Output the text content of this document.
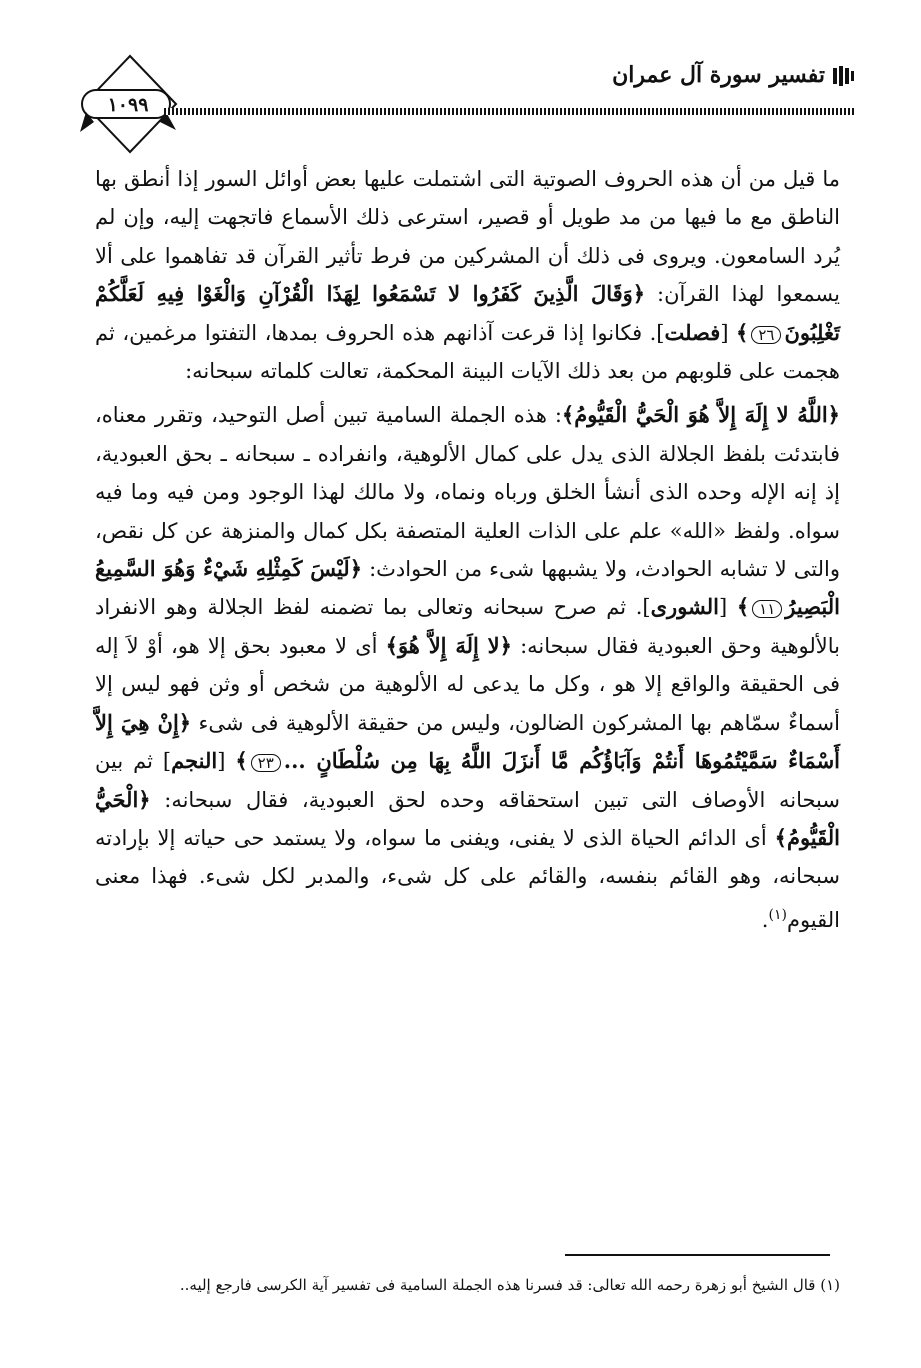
١٠٩٩
تفسير سورة آل عمران

ما قيل من أن هذه الحروف الصوتية التى اشتملت عليها بعض أوائل السور إذا أنطق بها الناطق مع ما فيها من مد طويل أو قصير، استرعى ذلك الأسماع فاتجهت إليه، وإن لم يُرد السامعون. ويروى فى ذلك أن المشركين من فرط تأثير القرآن قد تفاهموا على ألا يسمعوا لهذا القرآن: ﴿وَقَالَ الَّذِينَ كَفَرُوا لا تَسْمَعُوا لِهَذَا الْقُرْآنِ وَالْغَوْا فِيهِ لَعَلَّكُمْ تَغْلِبُونَ٢٦﴾ [فصلت]. فكانوا إذا قرعت آذانهم هذه الحروف بمدها، التفتوا مرغمين، ثم هجمت على قلوبهم من بعد ذلك الآيات البينة المحكمة، تعالت كلماته سبحانه:

﴿اللَّهُ لا إِلَهَ إِلاَّ هُوَ الْحَيُّ الْقَيُّومُ﴾: هذه الجملة السامية تبين أصل التوحيد، وتقرر معناه، فابتدئت بلفظ الجلالة الذى يدل على كمال الألوهية، وانفراده ـ سبحانه ـ بحق العبودية، إذ إنه الإله وحده الذى أنشأ الخلق ورباه ونماه، ولا مالك لهذا الوجود ومن فيه وما فيه سواه. ولفظ «الله» علم على الذات العلية المتصفة بكل كمال والمنزهة عن كل نقص، والتى لا تشابه الحوادث، ولا يشبهها شىء من الحوادث: ﴿لَيْسَ كَمِثْلِهِ شَيْءٌ وَهُوَ السَّمِيعُ الْبَصِيرُ١١﴾ [الشورى]. ثم صرح سبحانه وتعالى بما تضمنه لفظ الجلالة وهو الانفراد بالألوهية وحق العبودية فقال سبحانه: ﴿لا إِلَهَ إِلاَّ هُوَ﴾ أى لا معبود بحق إلا هو، أوْ لاَ إله فى الحقيقة والواقع إلا هو ، وكل ما يدعى له الألوهية من شخص أو وثن فهو ليس إلا أسماءٌ سمّاهم بها المشركون الضالون، وليس من حقيقة الألوهية فى شىء ﴿إِنْ هِيَ إِلاَّ أَسْمَاءٌ سَمَّيْتُمُوهَا أَنتُمْ وَآبَاؤُكُم مَّا أَنزَلَ اللَّهُ بِهَا مِن سُلْطَانٍ ...٢٣﴾ [النجم] ثم بين سبحانه الأوصاف التى تبين استحقاقه وحده لحق العبودية، فقال سبحانه: ﴿الْحَيُّ الْقَيُّومُ﴾ أى الدائم الحياة الذى لا يفنى، ويفنى ما سواه، ولا يستمد حى حياته إلا بإرادته سبحانه، وهو القائم بنفسه، والقائم على كل شىء، والمدبر لكل شىء. فهذا معنى القيوم$^{(١)}$.

(١) قال الشيخ أبو زهرة رحمه الله تعالى: قد فسرنا هذه الجملة السامية فى تفسير آية الكرسى فارجع إليه..
